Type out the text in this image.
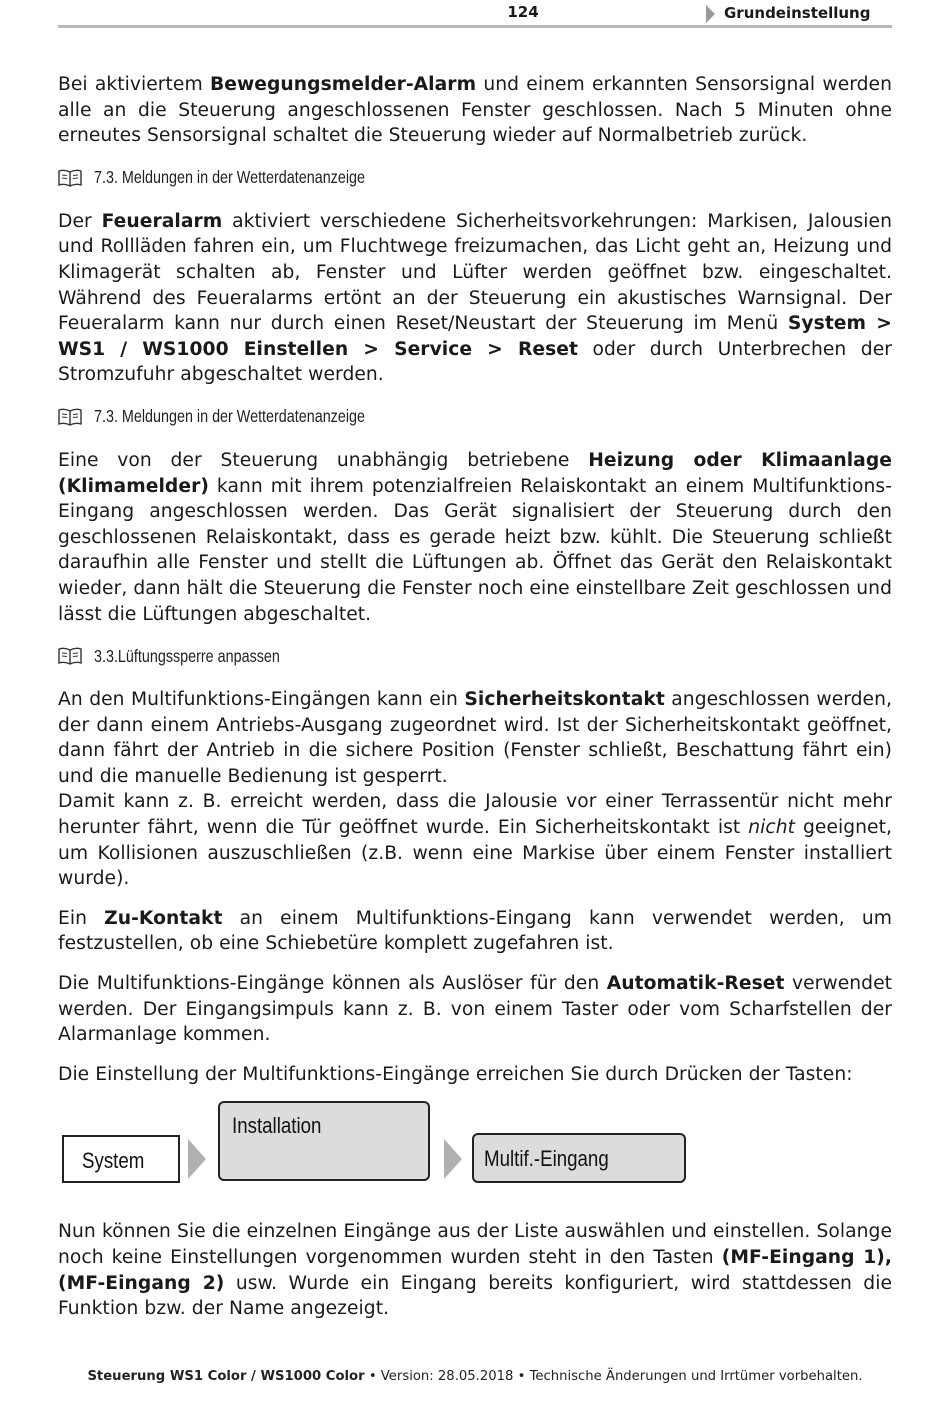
124	Grundeinstellung

Bei aktiviertem Bewegungsmelder-Alarm und einem erkannten Sensorsignal werden alle an die Steuerung angeschlossenen Fenster geschlossen. Nach 5 Minuten ohne erneutes Sensorsignal schaltet die Steuerung wieder auf Normalbetrieb zurück.

7.3. Meldungen in der Wetterdatenanzeige

Der Feueralarm aktiviert verschiedene Sicherheitsvorkehrungen: Markisen, Jalousien und Rollläden fahren ein, um Fluchtwege freizumachen, das Licht geht an, Heizung und Klimagerät schalten ab, Fenster und Lüfter werden geöffnet bzw. eingeschaltet. Während des Feueralarms ertönt an der Steuerung ein akustisches Warnsignal. Der Feueralarm kann nur durch einen Reset/Neustart der Steuerung im Menü System > WS1 / WS1000 Einstellen > Service > Reset oder durch Unterbrechen der Stromzufuhr abgeschaltet werden.

7.3. Meldungen in der Wetterdatenanzeige

Eine von der Steuerung unabhängig betriebene Heizung oder Klimaanlage (Klimamelder) kann mit ihrem potenzialfreien Relaiskontakt an einem Multifunktions-Eingang angeschlossen werden. Das Gerät signalisiert der Steuerung durch den geschlossenen Relaiskontakt, dass es gerade heizt bzw. kühlt. Die Steuerung schließt daraufhin alle Fenster und stellt die Lüftungen ab. Öffnet das Gerät den Relaiskontakt wieder, dann hält die Steuerung die Fenster noch eine einstellbare Zeit geschlossen und lässt die Lüftungen abgeschaltet.

3.3.Lüftungssperre anpassen

An den Multifunktions-Eingängen kann ein Sicherheitskontakt angeschlossen werden, der dann einem Antriebs-Ausgang zugeordnet wird. Ist der Sicherheitskontakt geöffnet, dann fährt der Antrieb in die sichere Position (Fenster schließt, Beschattung fährt ein) und die manuelle Bedienung ist gesperrt.

Damit kann z. B. erreicht werden, dass die Jalousie vor einer Terrassentür nicht mehr herunter fährt, wenn die Tür geöffnet wurde. Ein Sicherheitskontakt ist nicht geeignet, um Kollisionen auszuschließen (z.B. wenn eine Markise über einem Fenster installiert wurde).

Ein Zu-Kontakt an einem Multifunktions-Eingang kann verwendet werden, um festzustellen, ob eine Schiebetüre komplett zugefahren ist.

Die Multifunktions-Eingänge können als Auslöser für den Automatik-Reset verwendet werden. Der Eingangsimpuls kann z. B. von einem Taster oder vom Scharfstellen der Alarmanlage kommen.

Die Einstellung der Multifunktions-Eingänge erreichen Sie durch Drücken der Tasten:

System
Installation
Multif.-Eingang

Nun können Sie die einzelnen Eingänge aus der Liste auswählen und einstellen. Solange noch keine Einstellungen vorgenommen wurden steht in den Tasten (MF-Eingang 1), (MF-Eingang 2) usw. Wurde ein Eingang bereits konfiguriert, wird stattdessen die Funktion bzw. der Name angezeigt.

Steuerung WS1 Color / WS1000 Color • Version: 28.05.2018 • Technische Änderungen und Irrtümer vorbehalten.
